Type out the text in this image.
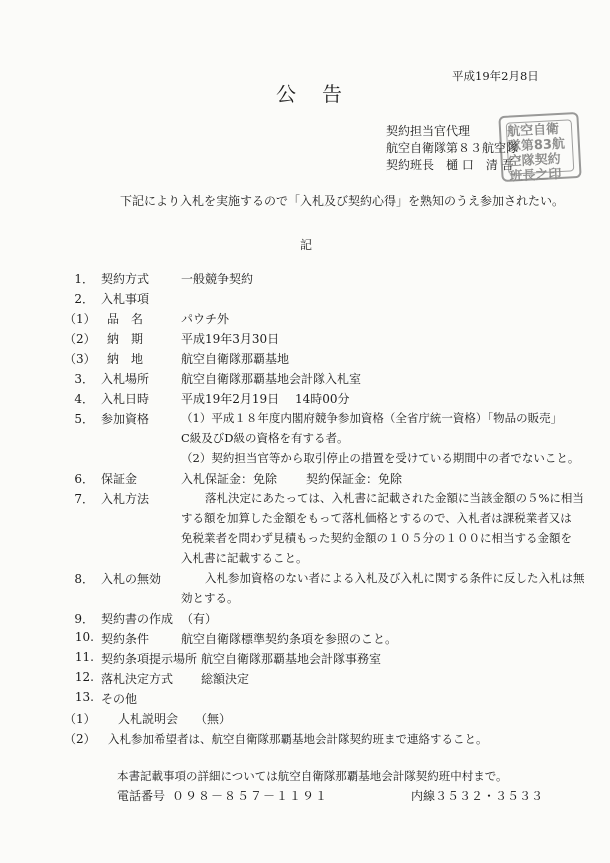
平成19年2月8日
公告
契約担当官代理
航空自衛隊第８３航空隊
契約班長　樋 口　清 吾
航空自衛隊第83航空隊契約班長之印
下記により入札を実施するので「入札及び契約心得」を熟知のうえ参加されたい。
記
1． 契約方式	一般競争契約
2． 入札事項
（1） 品　名	パウチ外
（2） 納　期	平成19年3月30日
（3） 納　地	航空自衛隊那覇基地
3． 入札場所	航空自衛隊那覇基地会計隊入札室
4． 入札日時	平成19年2月19日　 14時00分
5． 参加資格	（1）平成１８年度内閣府競争参加資格（全省庁統一資格）「物品の販売」
C級及びD級の資格を有する者。
（2）契約担当官等から取引停止の措置を受けている期間中の者でないこと。
6． 保証金	入札保証金：免除 契約保証金：免除
7． 入札方法	落札決定にあたっては、入札書に記載された金額に当該金額の５%に相当
する額を加算した金額をもって落札価格とするので、入札者は課税業者又は
免税業者を問わず見積もった契約金額の１０５分の１００に相当する金額を
入札書に記載すること。
8． 入札の無効	入札参加資格のない者による入札及び入札に関する条件に反した入札は無
効とする。
9． 契約書の作成 （有）
10. 契約条件	航空自衛隊標準契約条項を参照のこと。
11. 契約条項提示場所 航空自衛隊那覇基地会計隊事務室
12. 落札決定方式 総額決定
13. その他
（1） 人札説明会 （無）
（2） 入札参加希望者は、航空自衛隊那覇基地会計隊契約班まで連絡すること。
本書記載事項の詳細については航空自衛隊那覇基地会計隊契約班中村まで。
電話番号 ０９８－８５７－１１９１	内線３５３２・３５３３
